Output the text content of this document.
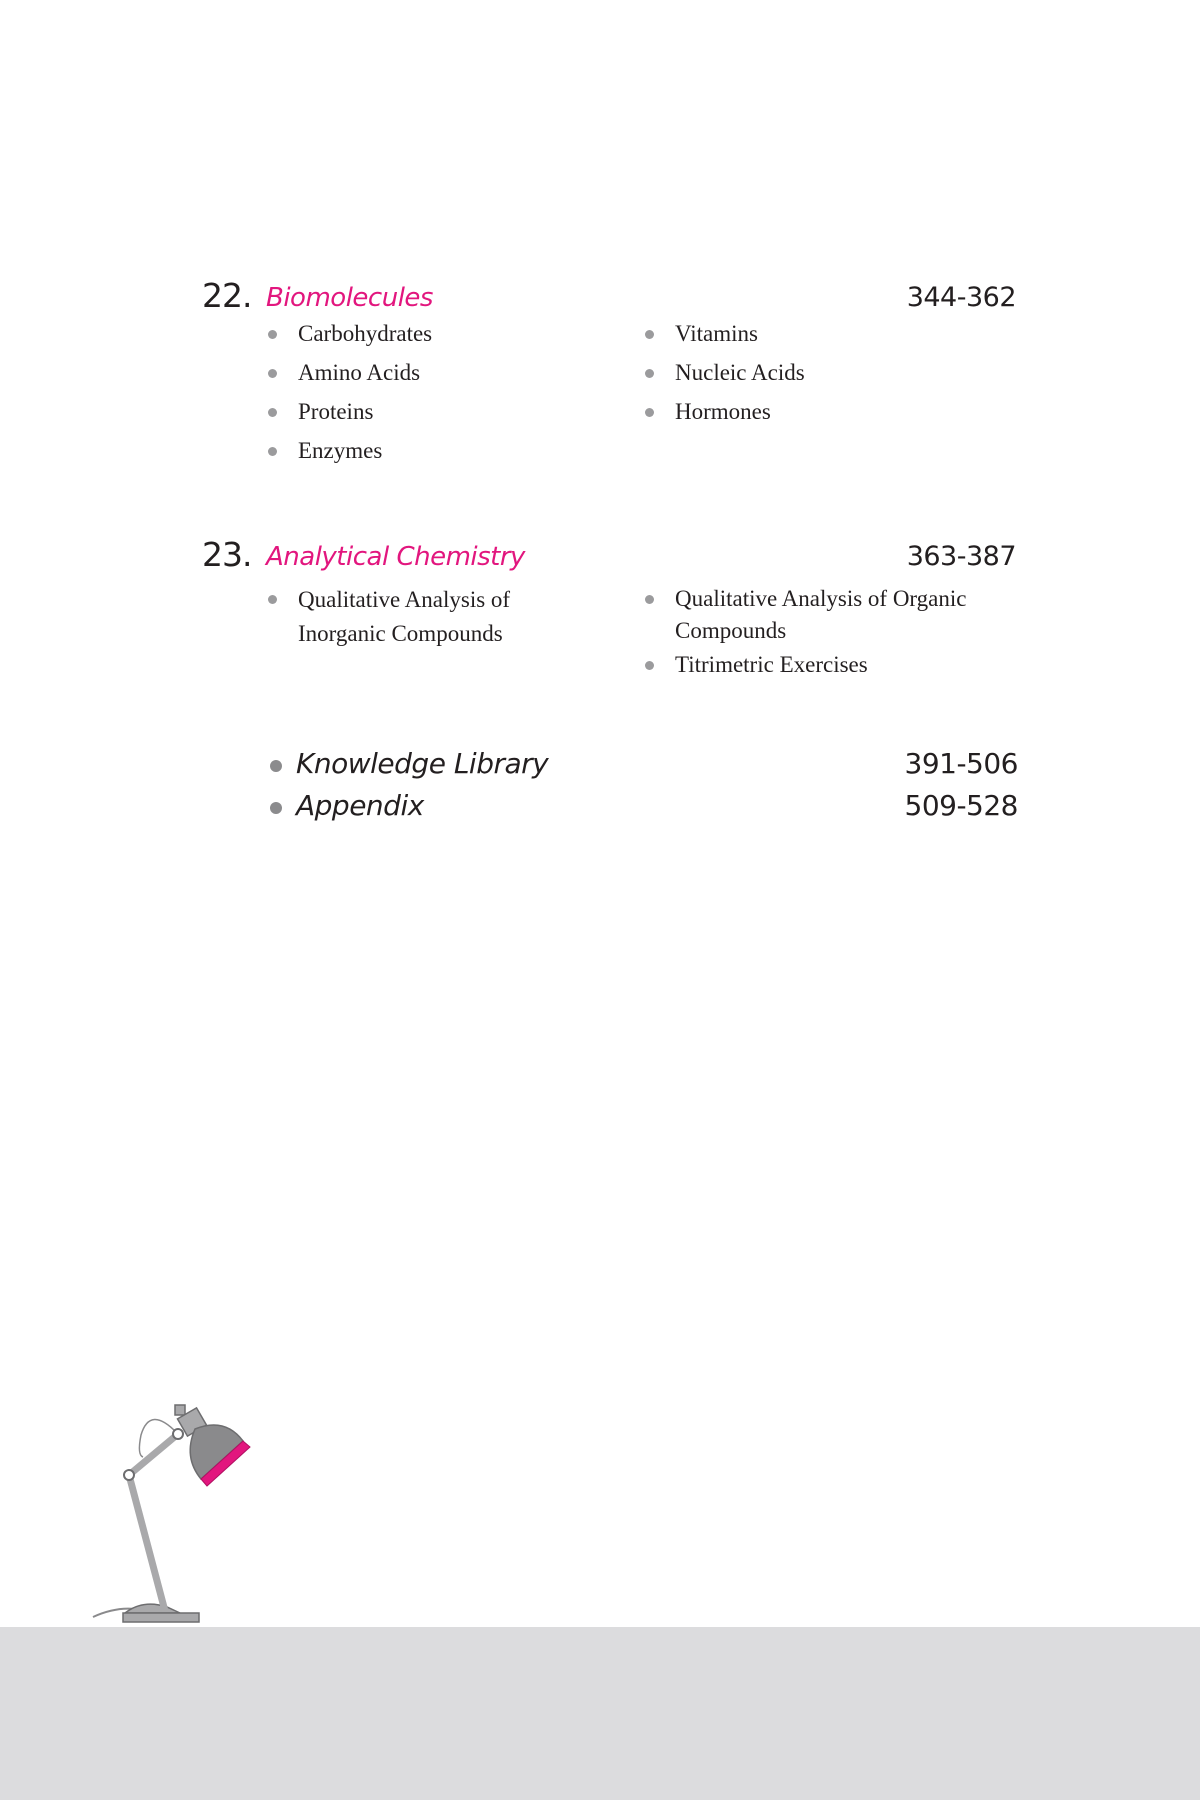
22. Biomolecules	344-362
Carbohydrates
Amino Acids
Proteins
Enzymes
Vitamins
Nucleic Acids
Hormones
23. Analytical Chemistry	363-387
Qualitative Analysis of Inorganic Compounds
Qualitative Analysis of Organic Compounds
Titrimetric Exercises
Knowledge Library	391-506
Appendix	509-528
